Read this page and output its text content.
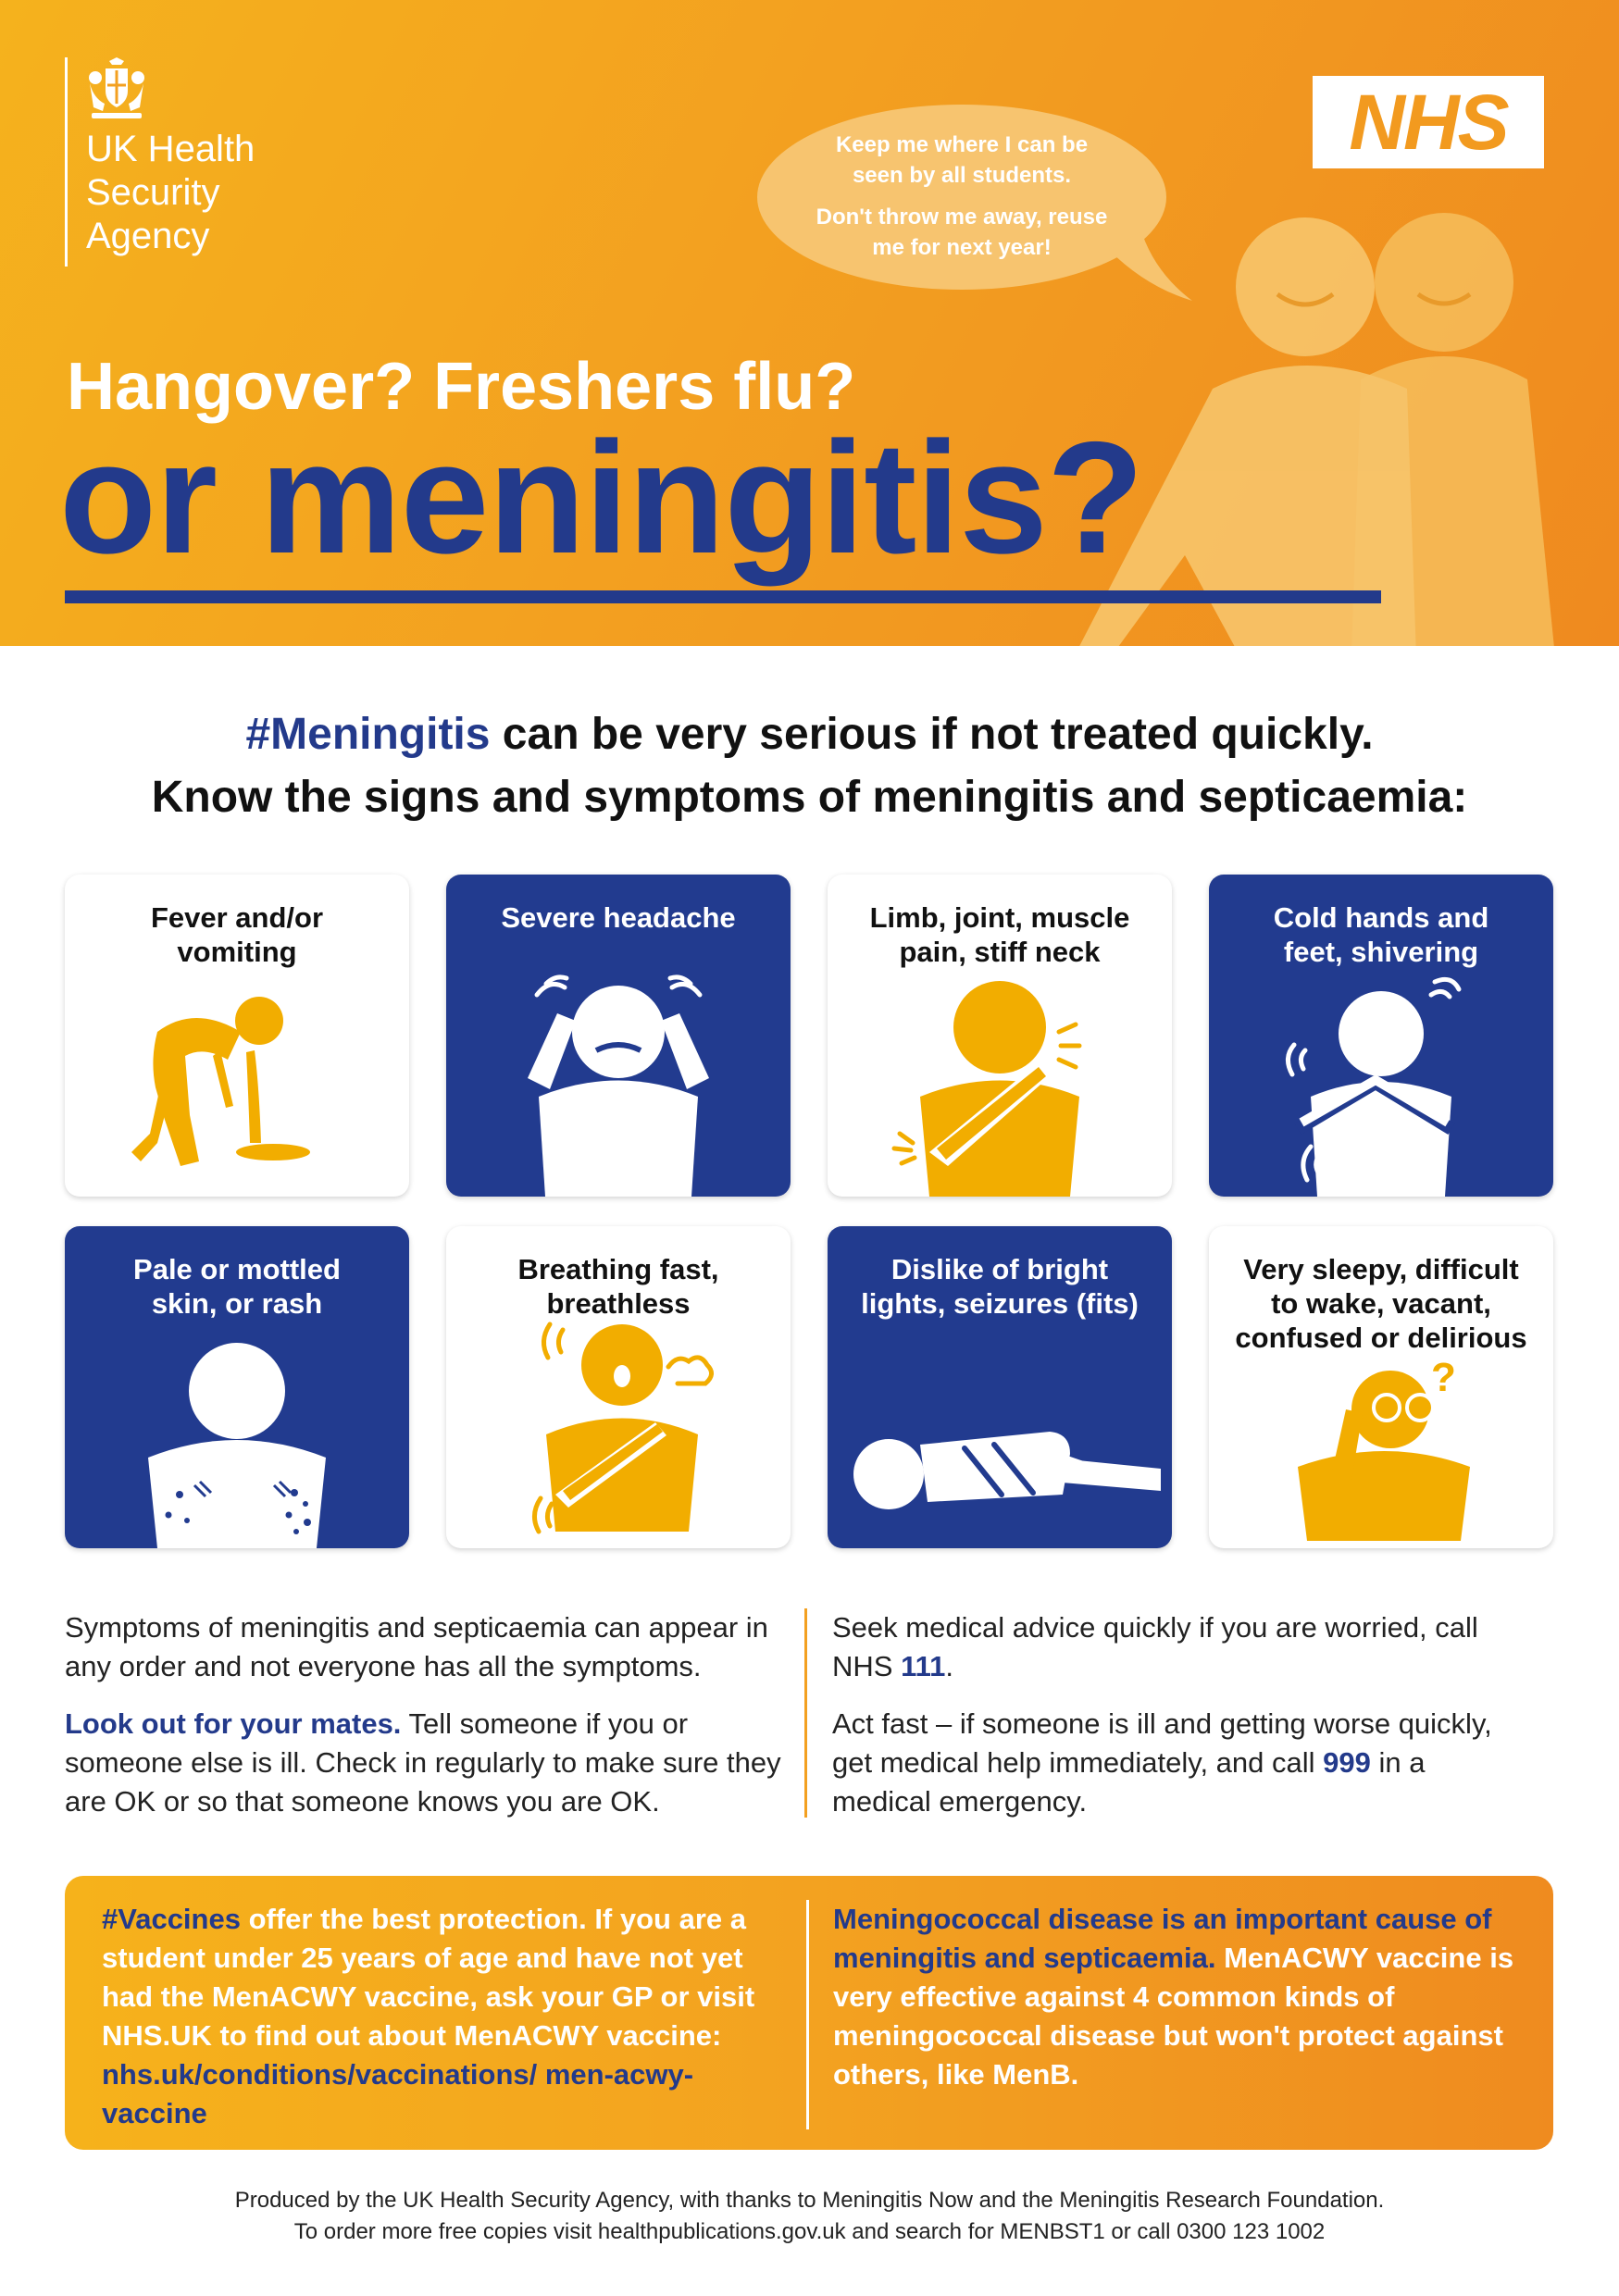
UK Health
Security
Agency

Keep me where I can be seen by all students.

Don't throw me away, reuse me for next year!

NHS
Hangover? Freshers flu?
or meningitis?
#Meningitis can be very serious if not treated quickly.
Know the signs and symptoms of meningitis and septicaemia:
Fever and/or
vomiting
Severe headache	Limb, joint, muscle
pain, stiff neck
Cold hands and
feet, shivering
Pale or mottled
skin, or rash
Breathing fast,
breathless
Dislike of bright
lights, seizures (fits)
Very sleepy, difficult
to wake, vacant,
confused or delirious
?

Symptoms of meningitis and septicaemia can appear in any order and not everyone has all the symptoms.

Look out for your mates. Tell someone if you or someone else is ill. Check in regularly to make sure they are OK or so that someone knows you are OK.

Seek medical advice quickly if you are worried, call NHS 111.

Act fast – if someone is ill and getting worse quickly, get medical help immediately, and call 999 in a medical emergency.

#Vaccines offer the best protection. If you are a student under 25 years of age and have not yet had the MenACWY vaccine, ask your GP or visit NHS.UK to find out about MenACWY vaccine: nhs.uk/conditions/vaccinations/ men-acwy-vaccine
Meningococcal disease is an important cause of meningitis and septicaemia. MenACWY vaccine is very effective against 4 common kinds of meningococcal disease but won't protect against others, like MenB.
Produced by the UK Health Security Agency, with thanks to Meningitis Now and the Meningitis Research Foundation.
To order more free copies visit healthpublications.gov.uk and search for MENBST1 or call 0300 123 1002
